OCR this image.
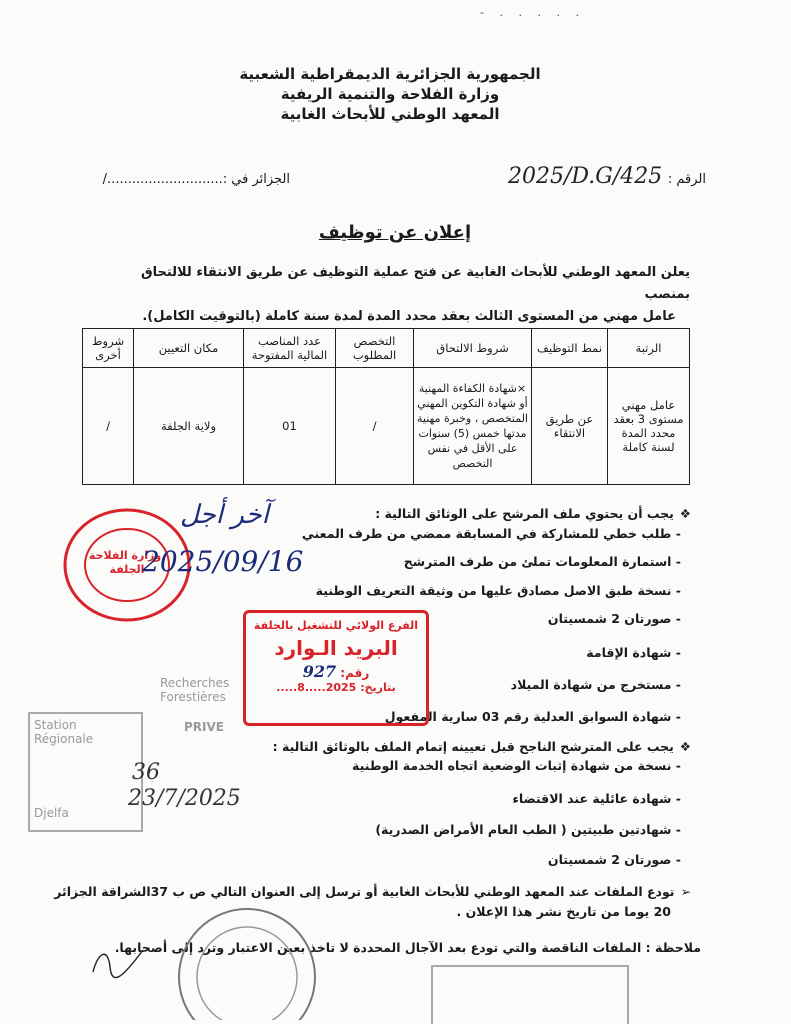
- . . . . .
الجمهورية الجزائرية الديمقراطية الشعبية
وزارة الفلاحة والتنمية الريفية
المعهد الوطني للأبحاث الغابية
الرقم :
2025/D.G/425
الجزائر في :............................/
إعلان عن توظيف
يعلن المعهد الوطني للأبحاث الغابية عن فتح عملية التوظيف عن طريق الانتقاء للالتحاق بمنصب
عامل مهني من المستوى الثالث بعقد محدد المدة لمدة سنة كاملة (بالتوقيت الكامل).
الرتبة	نمط التوظيف	شروط الالتحاق	التخصص المطلوب	عدد المناصب المالية المفتوحة	مكان التعيين	شروط أخرى
عامل مهني مستوى 3 بعقد محدد المدة لسنة كاملة	عن طريق الانتقاء	×شهادة الكفاءة المهنية أو شهادة التكوين المهني المتخصص ، وخبرة مهنية مدتها خمس (5) سنوات على الأقل في نفس التخصص	/	01	ولاية الجلفة	/
❖يجب أن يحتوي ملف المرشح على الوثائق التالية :
- طلب خطي للمشاركة في المسابقة ممضي من طرف المعني
- استمارة المعلومات تملئ من طرف المترشح
- نسخة طبق الاصل مصادق عليها من وثيقة التعريف الوطنية
- صورتان 2 شمسيتان
- شهادة الإقامة
- مستخرج من شهادة الميلاد
- شهادة السوابق العدلية رقم 03 سارية المفعول
❖يجب على المترشح الناجح قبل تعيينه إتمام الملف بالوثائق التالية :
- نسخة من شهادة إثبات الوضعية اتجاه الخدمة الوطنية
- شهادة عائلية عند الاقتضاء
- شهادتين طبيتين ( الطب العام الأمراض الصدرية)
- صورتان 2 شمسيتان
➢تودع الملفات عند المعهد الوطني للأبحاث الغابية أو ترسل إلى العنوان التالي ص ب 37الشراقة الجزائر
20 يوما من تاريخ نشر هذا الإعلان .
ملاحظة : الملفات الناقصة والتي تودع بعد الآجال المحددة لا تاخذ بعين الاعتبار وترد إلى أصحابها.
وزارة الفلاحة الجلفة
آخر أجل
2025/09/16
الفرع الولائي للتشغيل بالجلفة
البريد الـوارد
رقم: 927
بتاريخ: 2025.....8.....
Station Régionale
Djelfa
Recherches Forestières
PRIVE
36
23/7/2025
